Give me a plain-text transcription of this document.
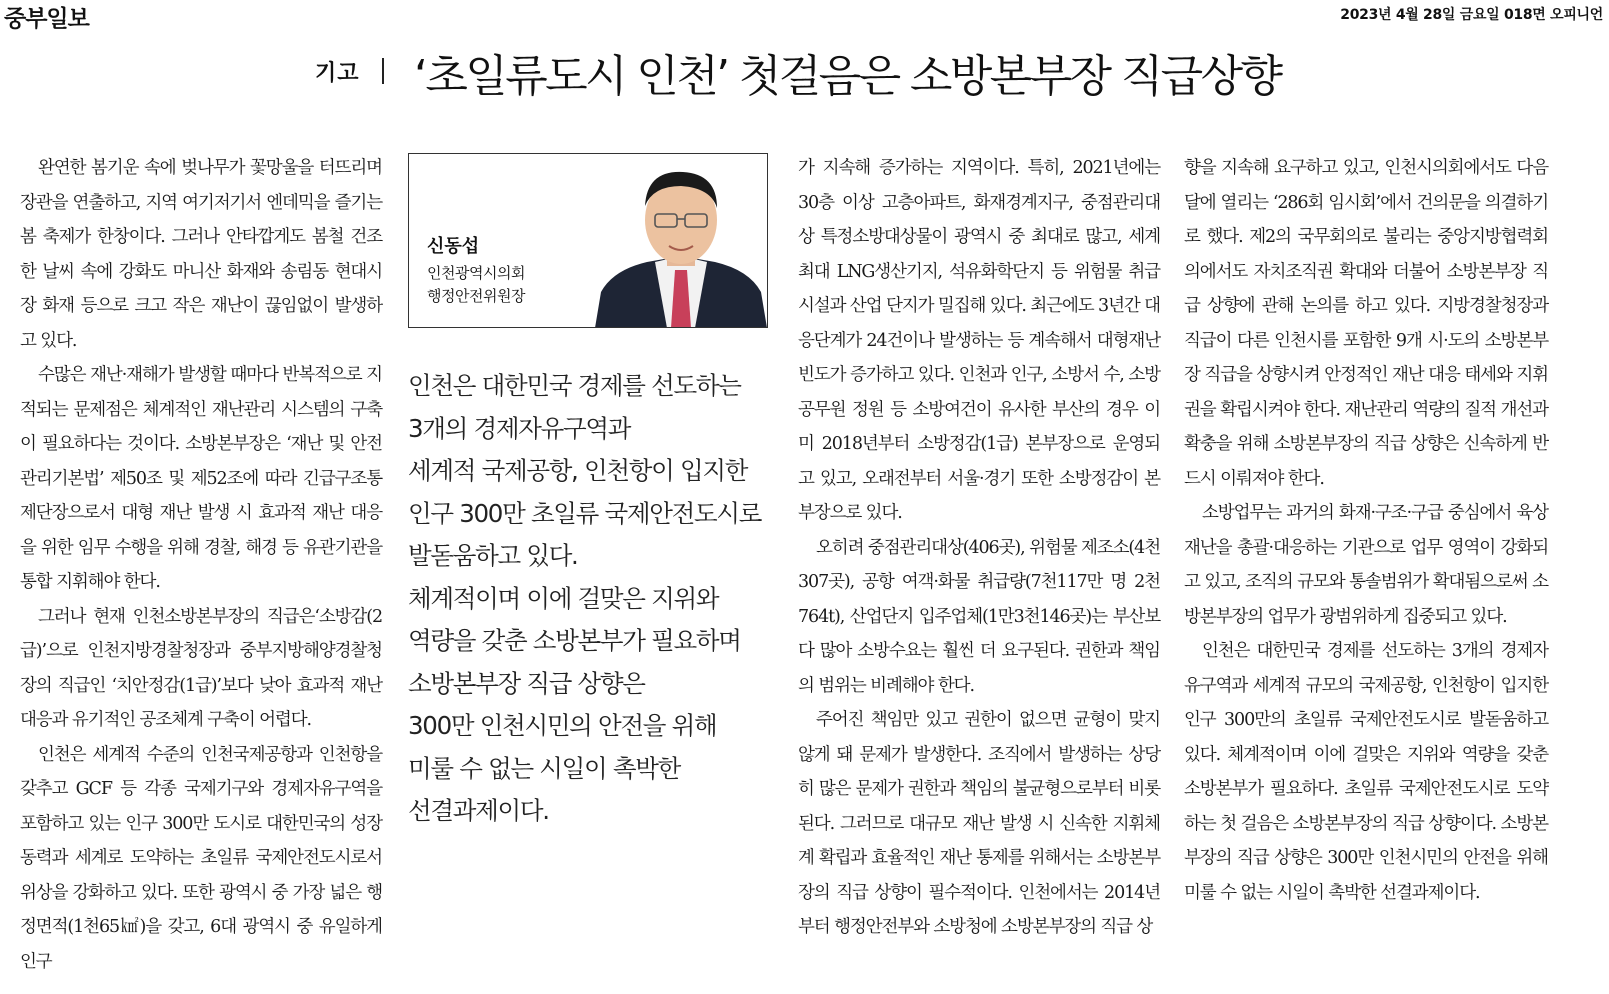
중부일보	2023년 4월 28일 금요일 018면 오피니언
기고 ‘초일류도시 인천’ 첫걸음은 소방본부장 직급상향

완연한 봄기운 속에 벚나무가 꽃망울을 터뜨리며 장관을 연출하고, 지역 여기저기서 엔데믹을 즐기는 봄 축제가 한창이다. 그러나 안타깝게도 봄철 건조한 날씨 속에 강화도 마니산 화재와 송림동 현대시장 화재 등으로 크고 작은 재난이 끊임없이 발생하고 있다.

수많은 재난·재해가 발생할 때마다 반복적으로 지적되는 문제점은 체계적인 재난관리 시스템의 구축이 필요하다는 것이다. 소방본부장은 ‘재난 및 안전관리기본법’ 제50조 및 제52조에 따라 긴급구조통제단장으로서 대형 재난 발생 시 효과적 재난 대응을 위한 임무 수행을 위해 경찰, 해경 등 유관기관을 통합 지휘해야 한다.

그러나 현재 인천소방본부장의 직급은‘소방감(2급)’으로 인천지방경찰청장과 중부지방해양경찰청장의 직급인 ‘치안정감(1급)’보다 낮아 효과적 재난 대응과 유기적인 공조체계 구축이 어렵다.

인천은 세계적 수준의 인천국제공항과 인천항을 갖추고 GCF 등 각종 국제기구와 경제자유구역을 포함하고 있는 인구 300만 도시로 대한민국의 성장 동력과 세계로 도약하는 초일류 국제안전도시로서 위상을 강화하고 있다. 또한 광역시 중 가장 넓은 행정면적(1천65㎢)을 갖고, 6대 광역시 중 유일하게 인구

신동섭
인천광역시의회
행정안전위원장
인천은 대한민국 경제를 선도하는
3개의 경제자유구역과
세계적 국제공항, 인천항이 입지한
인구 300만 초일류 국제안전도시로
발돋움하고 있다.
체계적이며 이에 걸맞은 지위와
역량을 갖춘 소방본부가 필요하며
소방본부장 직급 상향은
300만 인천시민의 안전을 위해
미룰 수 없는 시일이 촉박한
선결과제이다.

가 지속해 증가하는 지역이다. 특히, 2021년에는 30층 이상 고층아파트, 화재경계지구, 중점관리대상 특정소방대상물이 광역시 중 최대로 많고, 세계 최대 LNG생산기지, 석유화학단지 등 위험물 취급 시설과 산업 단지가 밀집해 있다. 최근에도 3년간 대응단계가 24건이나 발생하는 등 계속해서 대형재난 빈도가 증가하고 있다. 인천과 인구, 소방서 수, 소방공무원 정원 등 소방여건이 유사한 부산의 경우 이미 2018년부터 소방정감(1급) 본부장으로 운영되고 있고, 오래전부터 서울·경기 또한 소방정감이 본부장으로 있다.

오히려 중점관리대상(406곳), 위험물 제조소(4천307곳), 공항 여객·화물 취급량(7천117만 명 2천764t), 산업단지 입주업체(1만3천146곳)는 부산보다 많아 소방수요는 훨씬 더 요구된다. 권한과 책임의 범위는 비례해야 한다.

주어진 책임만 있고 권한이 없으면 균형이 맞지 않게 돼 문제가 발생한다. 조직에서 발생하는 상당히 많은 문제가 권한과 책임의 불균형으로부터 비롯된다. 그러므로 대규모 재난 발생 시 신속한 지휘체계 확립과 효율적인 재난 통제를 위해서는 소방본부장의 직급 상향이 필수적이다. 인천에서는 2014년부터 행정안전부와 소방청에 소방본부장의 직급 상

향을 지속해 요구하고 있고, 인천시의회에서도 다음 달에 열리는 ‘286회 임시회’에서 건의문을 의결하기로 했다. 제2의 국무회의로 불리는 중앙지방협력회의에서도 자치조직권 확대와 더불어 소방본부장 직급 상향에 관해 논의를 하고 있다. 지방경찰청장과 직급이 다른 인천시를 포함한 9개 시·도의 소방본부장 직급을 상향시켜 안정적인 재난 대응 태세와 지휘권을 확립시켜야 한다. 재난관리 역량의 질적 개선과 확충을 위해 소방본부장의 직급 상향은 신속하게 반드시 이뤄져야 한다.

소방업무는 과거의 화재·구조·구급 중심에서 육상재난을 총괄·대응하는 기관으로 업무 영역이 강화되고 있고, 조직의 규모와 통솔범위가 확대됨으로써 소방본부장의 업무가 광범위하게 집중되고 있다.

인천은 대한민국 경제를 선도하는 3개의 경제자유구역과 세계적 규모의 국제공항, 인천항이 입지한 인구 300만의 초일류 국제안전도시로 발돋움하고 있다. 체계적이며 이에 걸맞은 지위와 역량을 갖춘 소방본부가 필요하다. 초일류 국제안전도시로 도약하는 첫 걸음은 소방본부장의 직급 상향이다. 소방본부장의 직급 상향은 300만 인천시민의 안전을 위해 미룰 수 없는 시일이 촉박한 선결과제이다.
